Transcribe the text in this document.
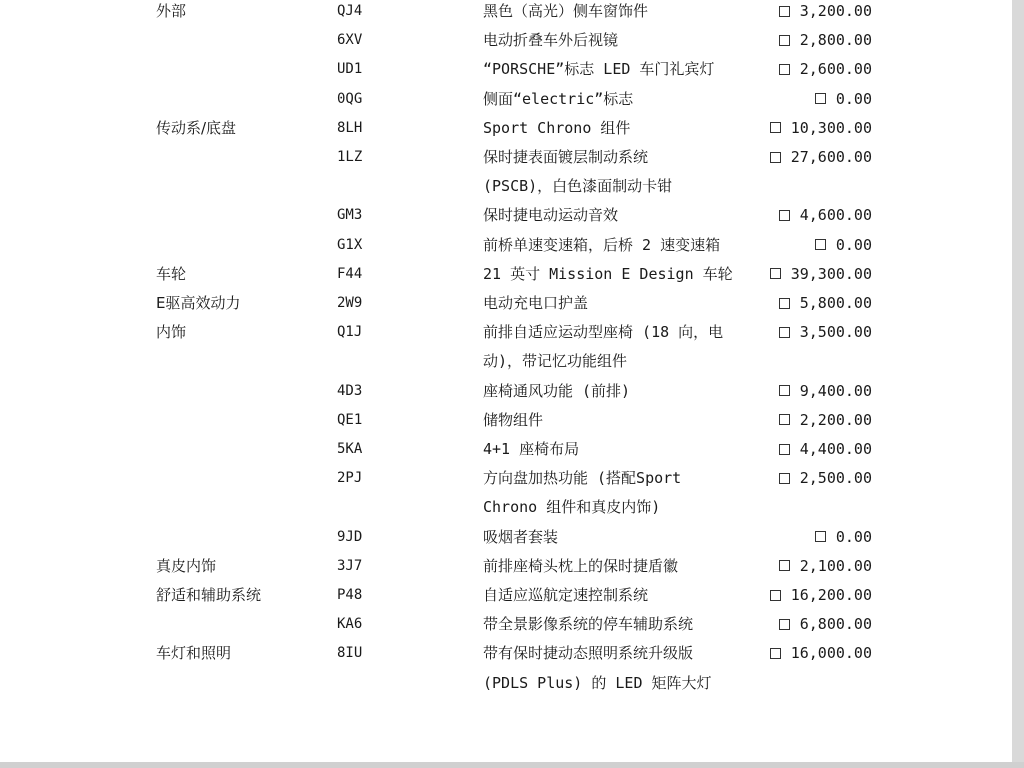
外部	QJ4	黑色（高光）侧车窗饰件	3,200.00
6XV	电动折叠车外后视镜	2,800.00
UD1	“PORSCHE”标志 LED 车门礼宾灯	2,600.00
0QG	侧面“electric”标志	0.00
传动系/底盘	8LH	Sport Chrono 组件	10,300.00
1LZ	保时捷表面镀层制动系统	27,600.00
(PSCB)，白色漆面制动卡钳
GM3	保时捷电动运动音效	4,600.00
G1X	前桥单速变速箱，后桥 2 速变速箱	0.00
车轮	F44	21 英寸 Mission E Design 车轮	39,300.00
E驱高效动力	2W9	电动充电口护盖	5,800.00
内饰	Q1J	前排自适应运动型座椅 (18 向，电	3,500.00
动)，带记忆功能组件
4D3	座椅通风功能 (前排)	9,400.00
QE1	储物组件	2,200.00
5KA	4+1 座椅布局	4,400.00
2PJ	方向盘加热功能 (搭配Sport	2,500.00
Chrono 组件和真皮内饰)
9JD	吸烟者套装	0.00
真皮内饰	3J7	前排座椅头枕上的保时捷盾徽	2,100.00
舒适和辅助系统	P48	自适应巡航定速控制系统	16,200.00
KA6	带全景影像系统的停车辅助系统	6,800.00
车灯和照明	8IU	带有保时捷动态照明系统升级版	16,000.00
(PDLS Plus) 的 LED 矩阵大灯
